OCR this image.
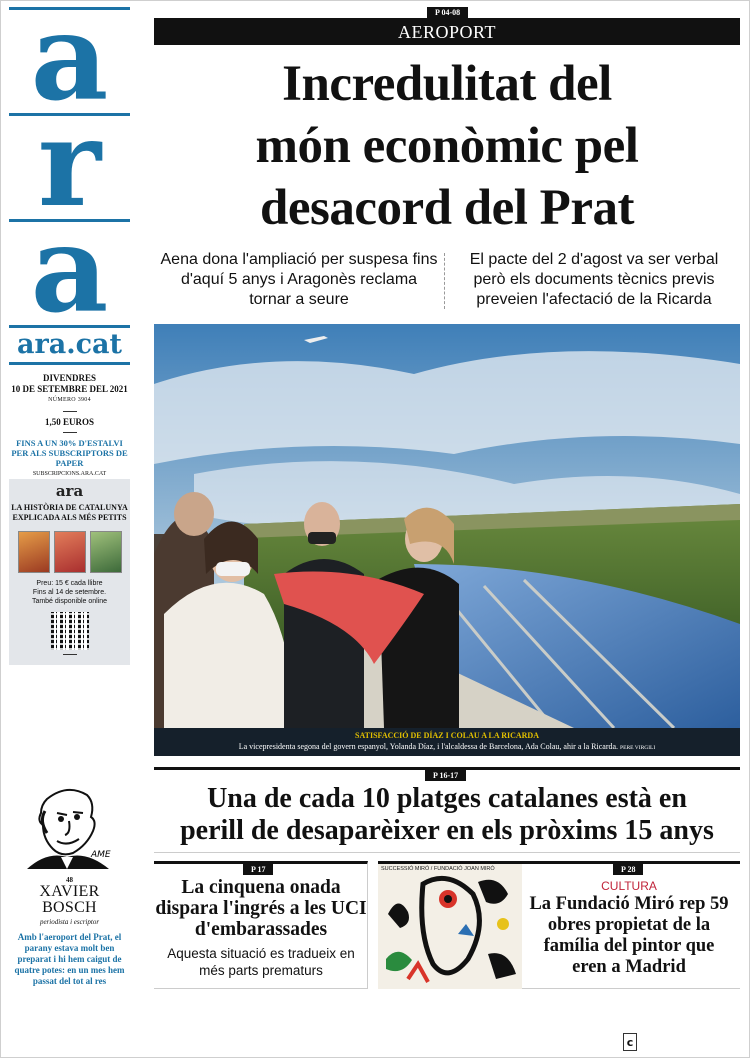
a
r
a
ara.cat
DIVENDRES
10 DE SETEMBRE DEL 2021
NÚMERO 3904
1,50 EUROS
FINS A UN 30% D'ESTALVI PER ALS SUBSCRIPTORS DE PAPER
SUBSCRIPCIONS.ARA.CAT
ara
LA HISTÒRIA DE CATALUNYA EXPLICADA ALS MÉS PETITS
Preu: 15 € cada llibre
Fins al 14 de setembre.
També disponible online
AME
48
XAVIER
BOSCH
periodista i escriptor
Amb l'aeroport del Prat, el parany estava molt ben preparat i hi hem caigut de quatre potes: en un mes hem passat del tot al res
P 04-08
AEROPORT
Incredulitat del
món econòmic pel
desacord del Prat
Aena dona l'ampliació per suspesa fins d'aquí 5 anys i Aragonès reclama tornar a seure
El pacte del 2 d'agost va ser verbal però els documents tècnics previs preveien l'afectació de la Ricarda
SATISFACCIÓ DE DÍAZ I COLAU A LA RICARDA
La vicepresidenta segona del govern espanyol, Yolanda Díaz, i l'alcaldessa de Barcelona, Ada Colau, ahir a la Ricarda. PERE VIRGILI
P 16-17
Una de cada 10 platges catalanes està en
perill de desaparèixer en els pròxims 15 anys
P 17
La cinquena onada dispara l'ingrés a les UCI d'embarassades
Aquesta situació es tradueix en més parts prematurs
SUCCESSIÓ MIRÓ / FUNDACIÓ JOAN MIRÓ	P 28
CULTURA
La Fundació Miró rep 59 obres propietat de la família del pintor que eren a Madrid
c
